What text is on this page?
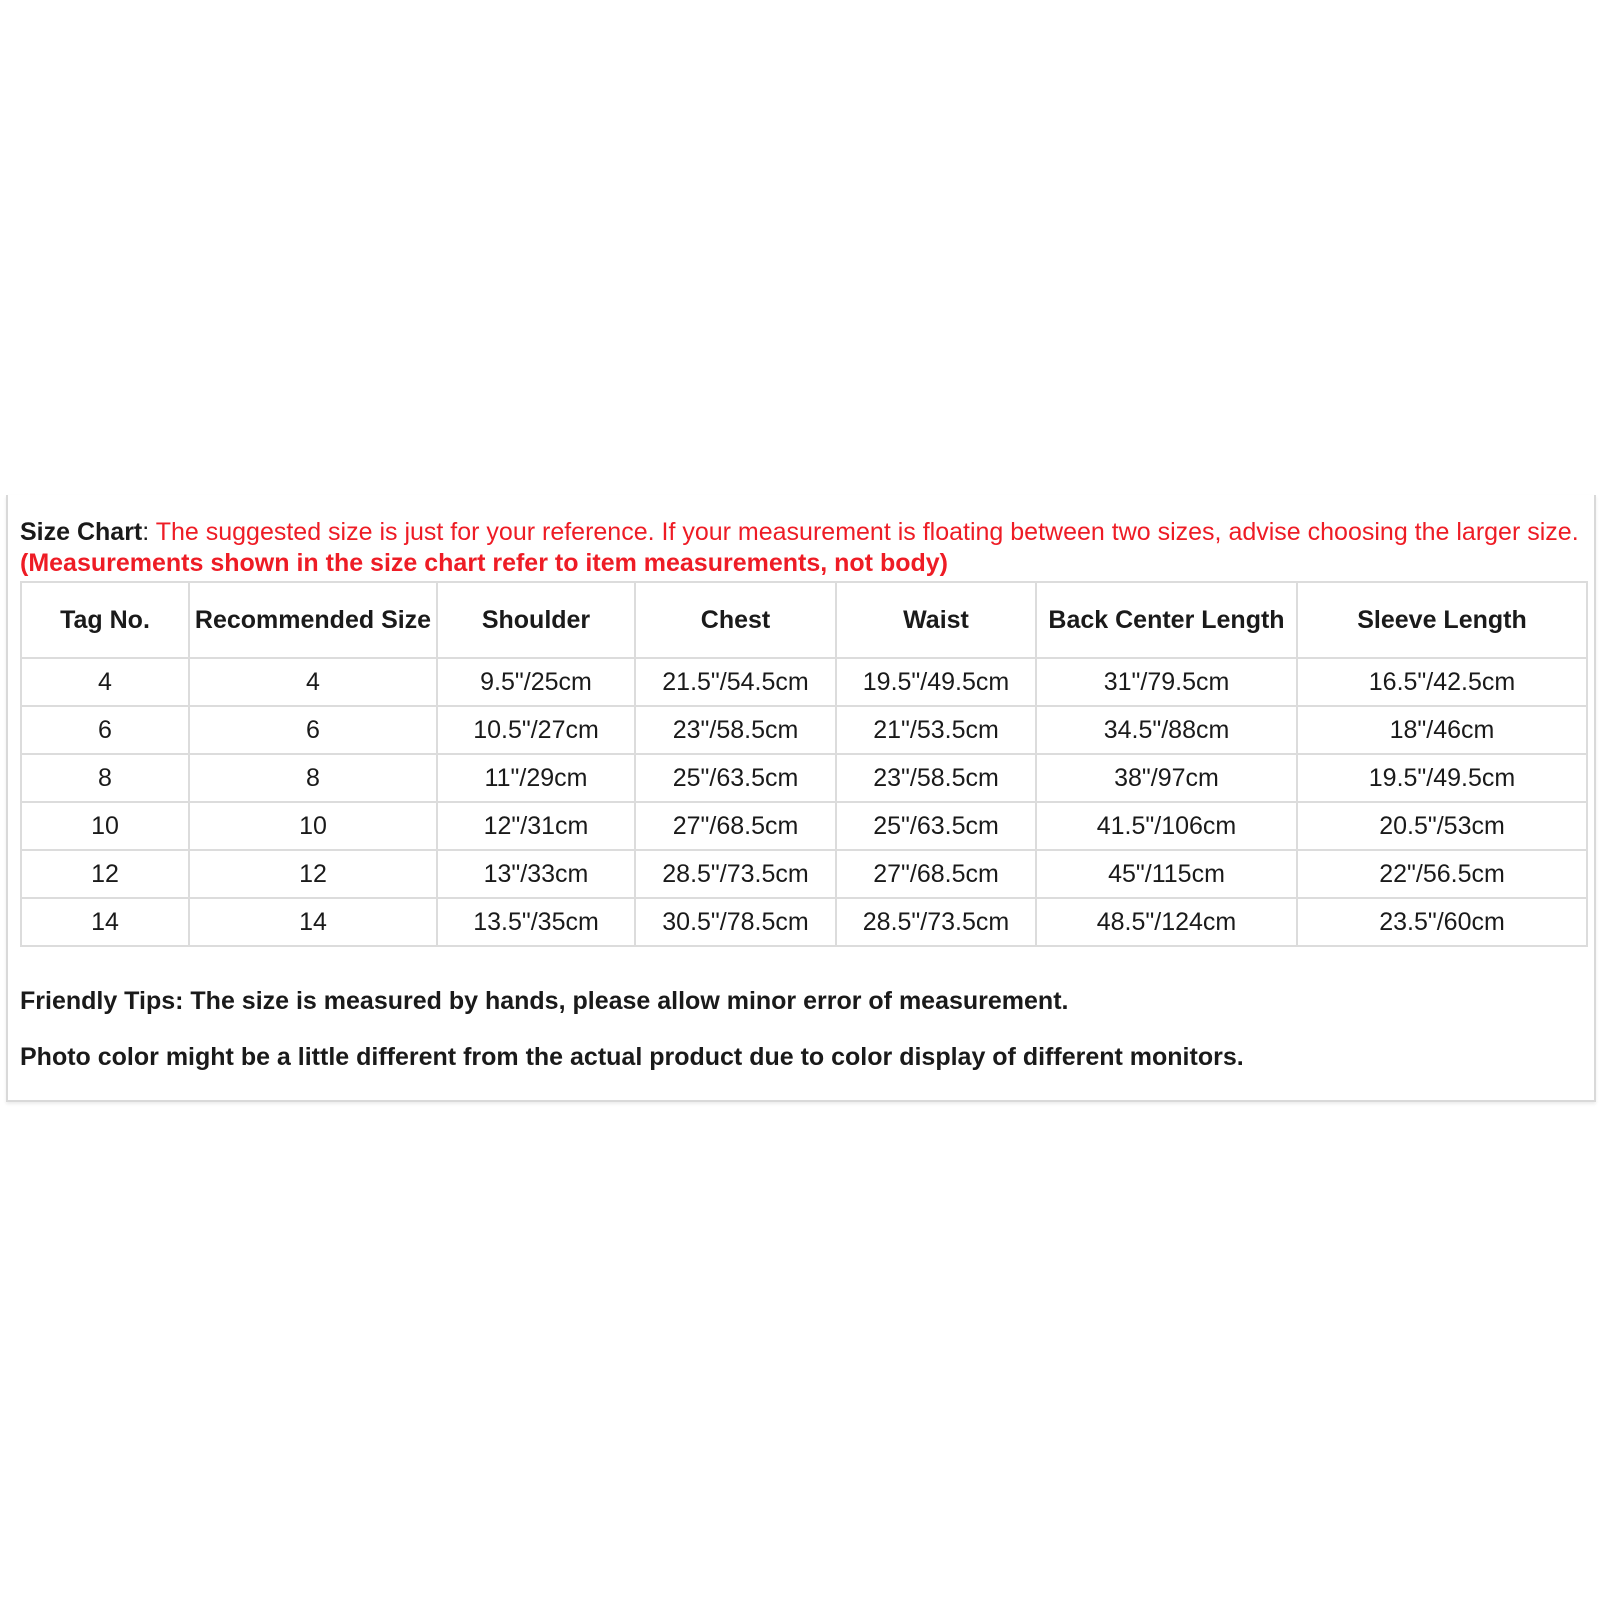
Size Chart: The suggested size is just for your reference. If your measurement is floating between two sizes, advise choosing the larger size. (Measurements shown in the size chart refer to item measurements, not body)

Tag No.	Recommended Size	Shoulder	Chest	Waist	Back Center Length	Sleeve Length
4	4	9.5"/25cm	21.5"/54.5cm	19.5"/49.5cm	31"/79.5cm	16.5"/42.5cm
6	6	10.5"/27cm	23"/58.5cm	21"/53.5cm	34.5"/88cm	18"/46cm
8	8	11"/29cm	25"/63.5cm	23"/58.5cm	38"/97cm	19.5"/49.5cm
10	10	12"/31cm	27"/68.5cm	25"/63.5cm	41.5"/106cm	20.5"/53cm
12	12	13"/33cm	28.5"/73.5cm	27"/68.5cm	45"/115cm	22"/56.5cm
14	14	13.5"/35cm	30.5"/78.5cm	28.5"/73.5cm	48.5"/124cm	23.5"/60cm

Friendly Tips: The size is measured by hands, please allow minor error of measurement.

Photo color might be a little different from the actual product due to color display of different monitors.
